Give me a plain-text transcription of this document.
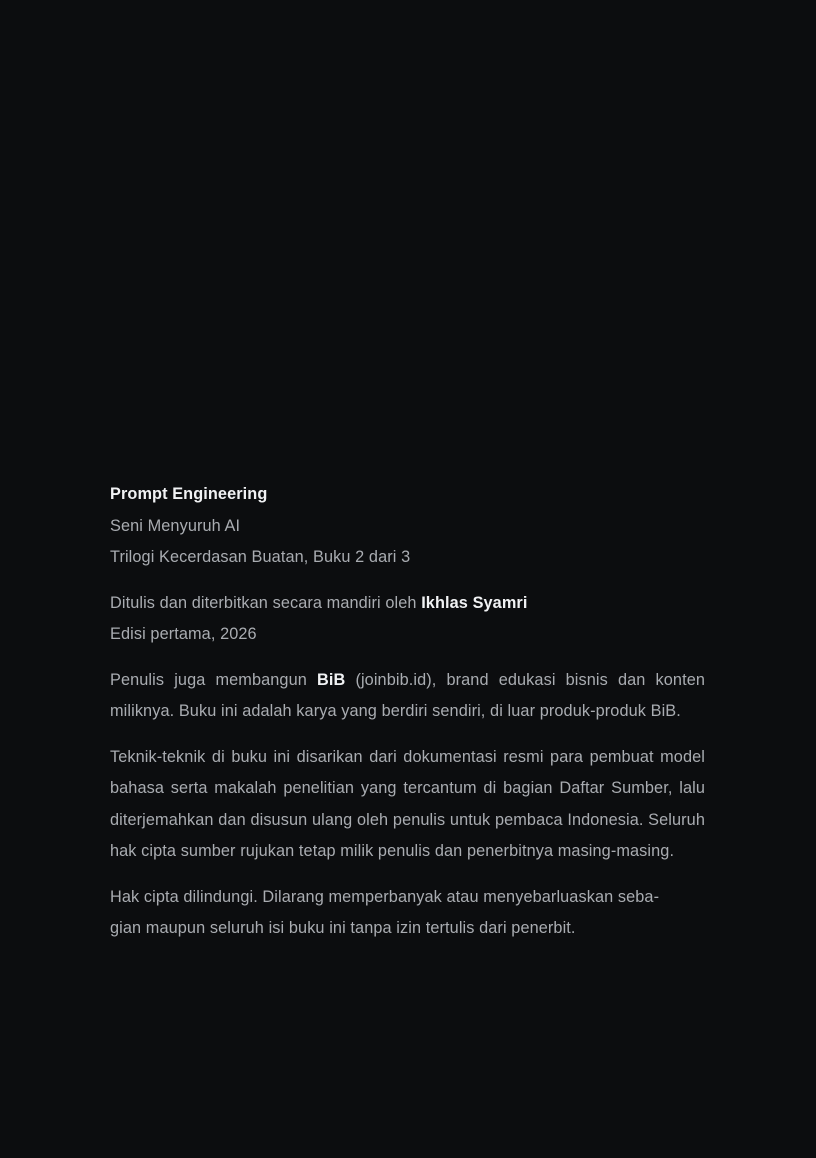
Prompt Engineering
Seni Menyuruh AI
Trilogi Kecerdasan Buatan, Buku 2 dari 3
Ditulis dan diterbitkan secara mandiri oleh Ikhlas Syamri
Edisi pertama, 2026

Penulis juga membangun BiB (joinbib.id), brand edukasi bisnis dan konten miliknya. Buku ini adalah karya yang berdiri sendiri, di luar produk-produk BiB.

Teknik-teknik di buku ini disarikan dari dokumentasi resmi para pembuat model bahasa serta makalah penelitian yang tercantum di bagian Daftar Sumber, lalu diterjemahkan dan disusun ulang oleh penulis untuk pembaca Indonesia. Seluruh hak cipta sumber rujukan tetap milik penulis dan penerbitnya masing-masing.

Hak cipta dilindungi. Dilarang memperbanyak atau menyebarluaskan seba-
gian maupun seluruh isi buku ini tanpa izin tertulis dari penerbit.
